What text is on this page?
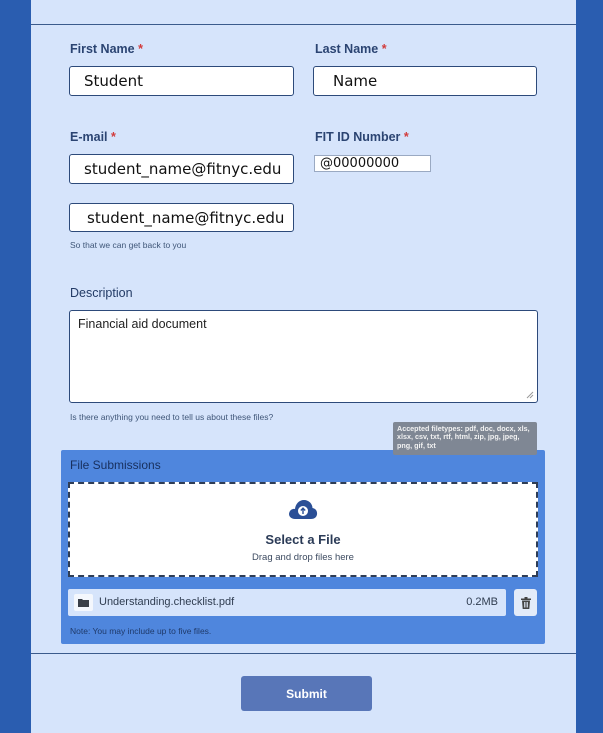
First Name *
Student
Last Name *
Name
E-mail *
student_name@fitnyc.edu
FIT ID Number *
@00000000
student_name@fitnyc.edu
So that we can get back to you
Description
Financial aid document
Is there anything you need to tell us about these files?
Submit
File Submissions
Select a File
Drag and drop files here
Understanding.checklist.pdf	0.2MB
Note: You may include up to five files.
Accepted filetypes: pdf, doc, docx, xls, xlsx, csv, txt, rtf, html, zip, jpg, jpeg, png, gif, txt
